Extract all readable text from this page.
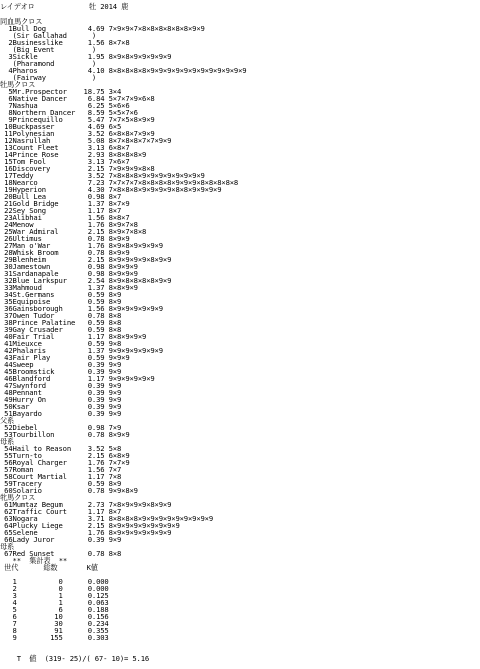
レイデオロ	牡 2014 鹿
同血馬クロス
1Bull Dog          4.69 7×9×9×7×8×8×8×8×8×8×9×9
(Sir Gallahad      )
2Businesslike      1.56 8×7×8
(Big Event         )
3Sickle            1.95 8×9×8×9×9×9×9×9
(Pharamond         )
4Pharos            4.10 8×8×8×8×8×9×9×9×9×9×9×9×9×9×9×9×9
(Fairway           )
牡馬クロス
5Mr.Prospector    18.75 3×4
6Native Dancer     6.84 5×7×7×9×6×8
7Nashua            6.25 5×6×6
8Northern Dancer   8.59 5×5×7×6
9Princequillo      5.47 7×7×5×8×9×9
10Buckpasser        4.69 6×5
11Polynesian        3.52 6×8×8×7×9×9
12Nasrullah         5.08 8×7×8×8×7×7×9×9
13Count Fleet       3.13 6×8×7
14Prince Rose       2.93 8×8×8×8×9
15Tom Fool          3.13 7×6×7
16Discovery         2.15 7×9×9×9×8×8
17Teddy             3.52 7×8×8×8×9×9×9×9×9×9×9×9
18Nearco            7.23 7×7×7×7×8×8×8×8×9×9×9×8×8×8×8×8
19Hyperion          4.30 7×8×8×8×9×9×9×9×8×8×9×9×9×9
20Bull Lea          0.98 8×7
21Gold Bridge       1.37 8×7×9
22Sey Song          1.17 8×7
23Alibhai           1.56 8×8×7
24Menow             1.76 8×9×7×8
25War Admiral       2.15 8×9×7×8×8
26Ultimus           0.78 8×9×9
27Man o'War         1.76 8×9×8×9×9×9×9
28Whisk Broom       0.78 8×9×9
29Blenheim          2.15 8×9×9×9×9×8×9×9
30Jamestown         0.98 8×9×9×9
31Sardanapale       0.98 8×9×9×9
32Blue Larkspur     2.54 8×9×8×8×8×8×9×9
33Mahmoud           1.37 8×8×9×9
34St.Germans        0.59 8×9
35Equipoise         0.59 8×9
36Gainsborough      1.56 8×9×9×9×9×9×9
37Owen Tudor        0.78 8×8
38Prince Palatine   0.59 8×8
39Gay Crusader      0.59 8×8
40Fair Trial        1.17 8×8×9×9×9
41Mieuxce           0.59 9×8
42Phalaris          1.37 9×9×9×9×9×9×9
43Fair Play         0.59 9×9×9
44Sweep             0.39 9×9
45Broomstick        0.39 9×9
46Blandford         1.17 9×9×9×9×9×9
47Swynford          0.39 9×9
48Pennant           0.39 9×9
49Hurry On          0.39 9×9
50Ksar              0.39 9×9
51Bayardo           0.39 9×9
父系
52Diebel            0.98 7×9
53Tourbillon        0.78 8×9×9
母系
54Hail to Reason    3.52 5×8
55Turn-to           2.15 6×8×9
56Royal Charger     1.76 7×7×9
57Roman             1.56 7×7
58Court Martial     1.17 7×8
59Tracery           0.59 8×9
60Solario           0.78 9×9×8×9
牝馬クロス
61Mumtaz Begum      2.73 7×8×9×9×9×8×9×9
62Traffic Court     1.17 8×7
63Nogara            3.71 8×8×8×8×9×9×9×9×9×9×9×9×9
64Plucky Liege      2.15 8×9×9×9×9×9×9×9×9
65Selene            1.76 8×9×9×9×9×9×9×9
66Lady Juror        0.39 9×9
母系
67Red Sunset        0.78 8×8
**  集計表  **
世代      総数       K値
1          0      0.000
2          0      0.000
3          1      0.125
4          1      0.063
5          6      0.188
6         10      0.156
7         30      0.234
8         91      0.355
9        155      0.303
T  値  (319- 25)/( 67- 10)= 5.16
